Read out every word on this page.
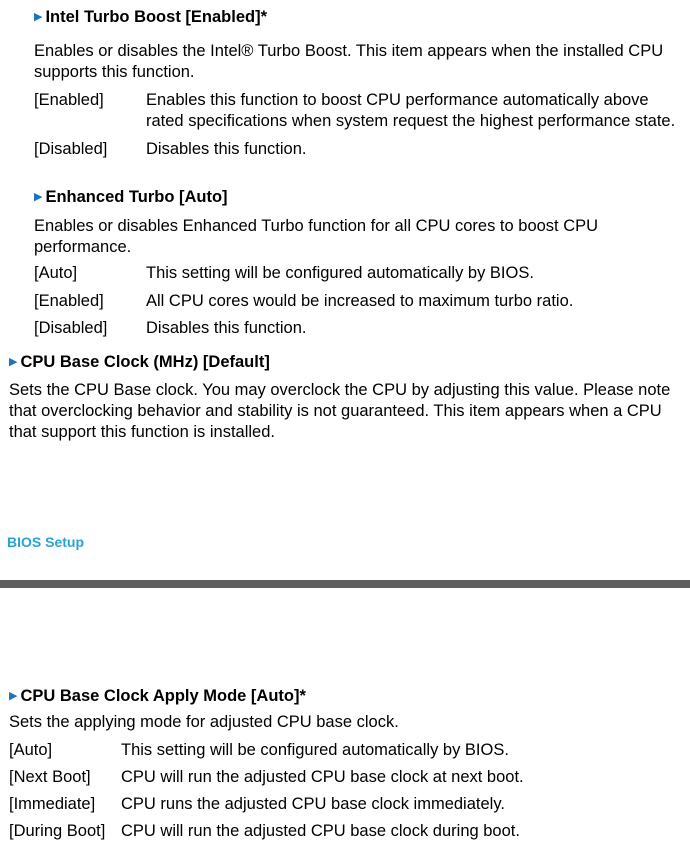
▶ Intel Turbo Boost [Enabled]*

Enables or disables the Intel® Turbo Boost. This item appears when the installed CPU supports this function.

[Enabled]	Enables this function to boost CPU performance automatically above rated specifications when system request the highest performance state.
[Disabled]	Disables this function.
▶ Enhanced Turbo [Auto]

Enables or disables Enhanced Turbo function for all CPU cores to boost CPU performance.

[Auto]	This setting will be configured automatically by BIOS.
[Enabled]	All CPU cores would be increased to maximum turbo ratio.
[Disabled]	Disables this function.
▶ CPU Base Clock (MHz) [Default]

Sets the CPU Base clock. You may overclock the CPU by adjusting this value. Please note that overclocking behavior and stability is not guaranteed. This item appears when a CPU that support this function is installed.

BIOS Setup
▶ CPU Base Clock Apply Mode [Auto]*

Sets the applying mode for adjusted CPU base clock.

[Auto]	This setting will be configured automatically by BIOS.
[Next Boot]	CPU will run the adjusted CPU base clock at next boot.
[Immediate]	CPU runs the adjusted CPU base clock immediately.
[During Boot] CPU will run the adjusted CPU base clock during boot.
